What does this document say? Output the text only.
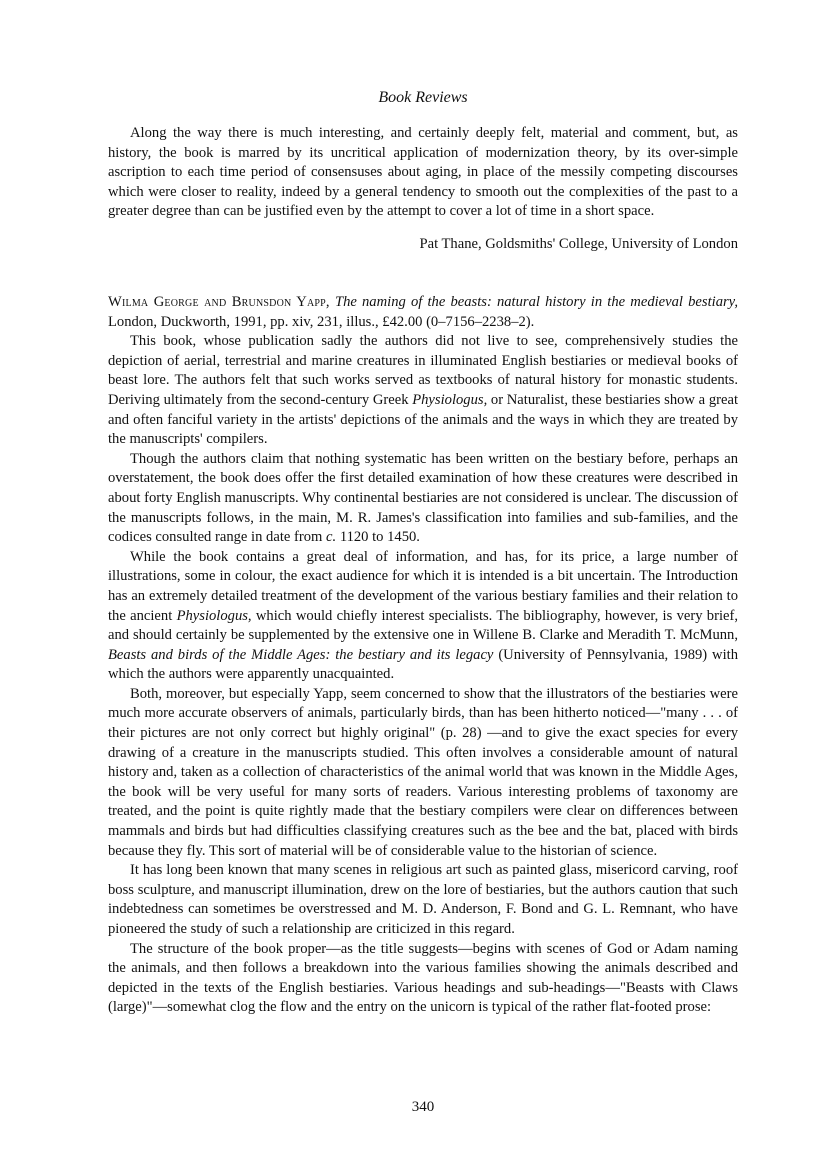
Book Reviews

Along the way there is much interesting, and certainly deeply felt, material and comment, but, as history, the book is marred by its uncritical application of modernization theory, by its over-simple ascription to each time period of consensuses about aging, in place of the messily competing discourses which were closer to reality, indeed by a general tendency to smooth out the complexities of the past to a greater degree than can be justified even by the attempt to cover a lot of time in a short space.

Pat Thane, Goldsmiths' College, University of London

Wilma George and Brunsdon Yapp, The naming of the beasts: natural history in the medieval bestiary, London, Duckworth, 1991, pp. xiv, 231, illus., £42.00 (0–7156–2238–2).

This book, whose publication sadly the authors did not live to see, comprehensively studies the depiction of aerial, terrestrial and marine creatures in illuminated English bestiaries or medieval books of beast lore. The authors felt that such works served as textbooks of natural history for monastic students. Deriving ultimately from the second-century Greek Physiologus, or Naturalist, these bestiaries show a great and often fanciful variety in the artists' depictions of the animals and the ways in which they are treated by the manuscripts' compilers.

Though the authors claim that nothing systematic has been written on the bestiary before, perhaps an overstatement, the book does offer the first detailed examination of how these creatures were described in about forty English manuscripts. Why continental bestiaries are not considered is unclear. The discussion of the manuscripts follows, in the main, M. R. James's classification into families and sub-families, and the codices consulted range in date from c. 1120 to 1450.

While the book contains a great deal of information, and has, for its price, a large number of illustrations, some in colour, the exact audience for which it is intended is a bit uncertain. The Introduction has an extremely detailed treatment of the development of the various bestiary families and their relation to the ancient Physiologus, which would chiefly interest specialists. The bibliography, however, is very brief, and should certainly be supplemented by the extensive one in Willene B. Clarke and Meradith T. McMunn, Beasts and birds of the Middle Ages: the bestiary and its legacy (University of Pennsylvania, 1989) with which the authors were apparently unacquainted.

Both, moreover, but especially Yapp, seem concerned to show that the illustrators of the bestiaries were much more accurate observers of animals, particularly birds, than has been hitherto noticed—"many . . . of their pictures are not only correct but highly original" (p. 28) —and to give the exact species for every drawing of a creature in the manuscripts studied. This often involves a considerable amount of natural history and, taken as a collection of characteristics of the animal world that was known in the Middle Ages, the book will be very useful for many sorts of readers. Various interesting problems of taxonomy are treated, and the point is quite rightly made that the bestiary compilers were clear on differences between mammals and birds but had difficulties classifying creatures such as the bee and the bat, placed with birds because they fly. This sort of material will be of considerable value to the historian of science.

It has long been known that many scenes in religious art such as painted glass, misericord carving, roof boss sculpture, and manuscript illumination, drew on the lore of bestiaries, but the authors caution that such indebtedness can sometimes be overstressed and M. D. Anderson, F. Bond and G. L. Remnant, who have pioneered the study of such a relationship are criticized in this regard.

The structure of the book proper—as the title suggests—begins with scenes of God or Adam naming the animals, and then follows a breakdown into the various families showing the animals described and depicted in the texts of the English bestiaries. Various headings and sub-headings—"Beasts with Claws (large)"—somewhat clog the flow and the entry on the unicorn is typical of the rather flat-footed prose:

340
